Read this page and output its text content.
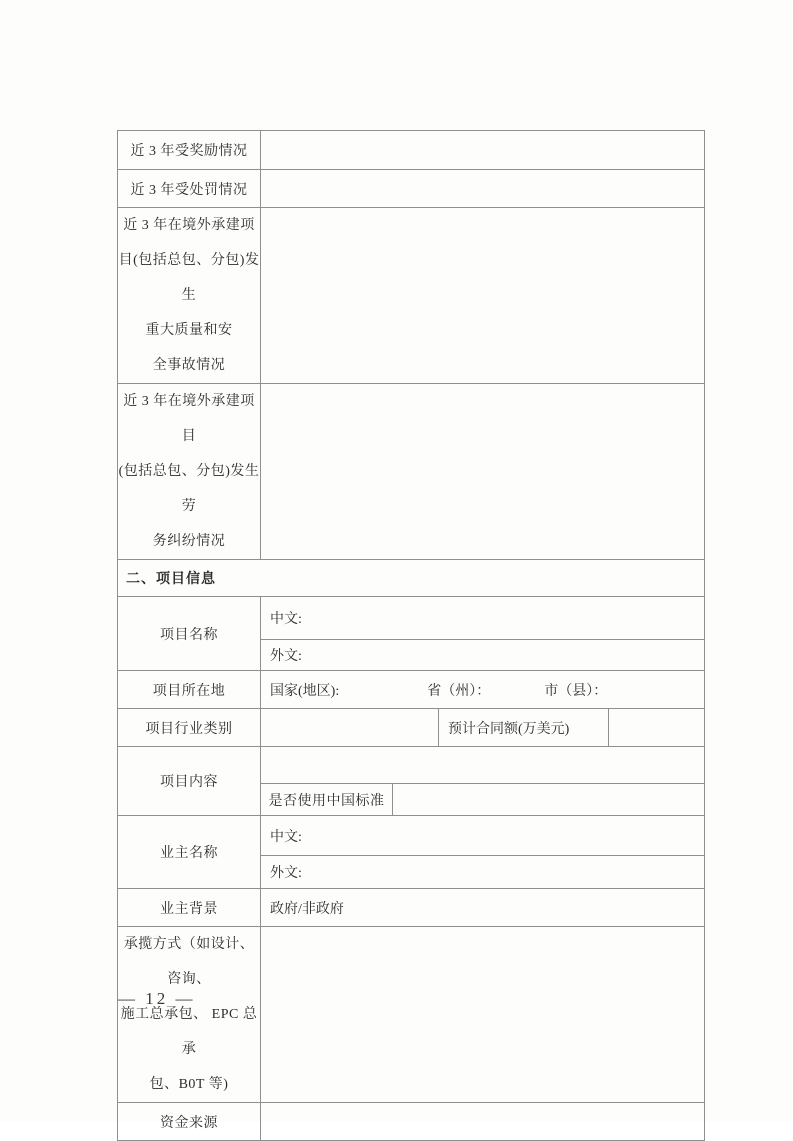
近 3 年受奖励情况				
近 3 年受处罚情况				

近 3 年在境外承建项
目(包括总包、分包)发生
重大质量和安
全事故情况				

近 3 年在境外承建项 目
(包括总包、分包)发生劳
务纠纷情况				

二、项目信息				
项目名称	中文:			
	外文:			
项目所在地	国家(地区): 省（州）： 市（县）：			
项目行业类别			预计合同额(万美元)	
项目内容				
	是否使用中国标准			
业主名称	中文:			
	外文:			
业主背景	政府/非政府			

承揽方式（如设计、咨询、
施工总承包、 EPC 总承
包、B0T 等)				

资金来源				
— 12 —
